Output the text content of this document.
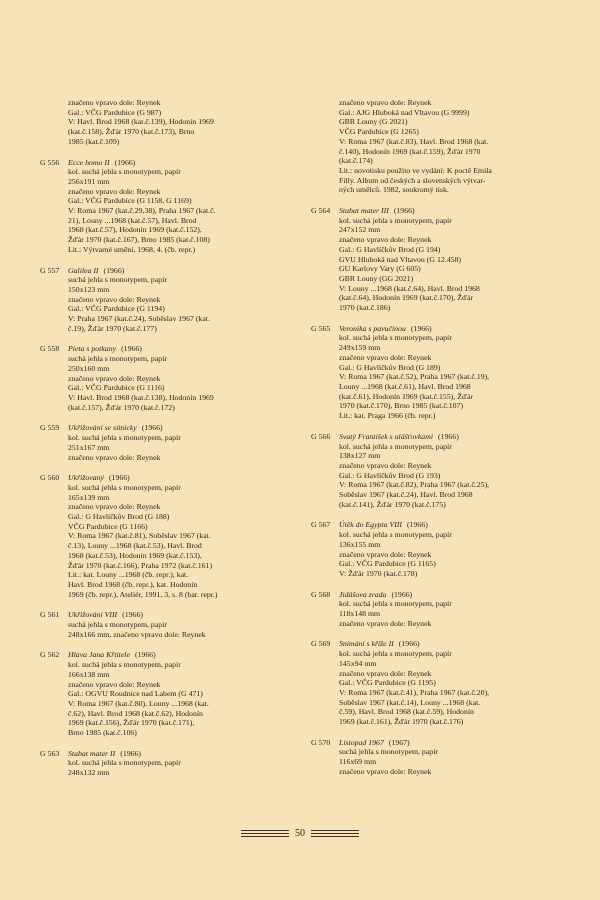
značeno vpravo dole: Reynek
Gal.: VČG Pardubice (G 987)
V: Havl. Brod 1968 (kat.č.139), Hodonín 1969
(kat.č.158), Žďár 1970 (kat.č.173), Brno
1985 (kat.č.109)
G 556	Ecce homo II (1966)
kol. suchá jehla s monotypem, papír
256x191 mm
značeno vpravo dole: Reynek
Gal.: VČG Pardubice (G 1158, G 1169)
V: Roma 1967 (kat.č.29,38), Praha 1967 (kat.č.
21), Louny ...1968 (kat.č.57), Havl. Brod
1968 (kat.č.57), Hodonín 1969 (kat.č.152),
Žďár 1970 (kat.č.167), Brno 1985 (kat.č.108)
Lit.: Výtvarné umění, 1968, 4. (čb. repr.)
G 557	Galilea II (1966)
suchá jehla s monotypem, papír
150x123 mm
značeno vpravo dole: Reynek
Gal.: VČG Pardubice (G 1194)
V: Praha 1967 (kat.č.24), Soběslav 1967 (kat.
č.19), Žďár 1970 (kat.č.177)
G 558	Pieta s potkany (1966)
suchá jehla s monotypem, papír
250x160 mm
značeno vpravo dole: Reynek
Gal.: VČG Pardubice (G 1116)
V: Havl. Brod 1968 (kat.č.138), Hodonín 1969
(kat.č.157), Žďár 1970 (kat.č.172)
G 559	Ukřižování se sítnicky (1966)
kol. suchá jehla s monotypem, papír
251x167 mm
značeno vpravo dole: Reynek
G 560	Ukřižovaný (1966)
kol. suchá jehla s monotypem, papír
165x139 mm
značeno vpravo dole: Reynek
Gal.: G Havlíčkův Brod (G 188)
VČG Pardubice (G 1166)
V: Roma 1967 (kat.č.81), Soběslav 1967 (kat.
č.13), Louny ...1968 (kat.č.53), Havl. Brod
1968 (kat.č.53), Hodonín 1969 (kat.č.153),
Žďár 1970 (kat.č.166), Praha 1972 (kat.č.161)
Lit.: kat. Louny ...1968 (čb. repr.), kat.
Havl. Brod 1968 (čb. repr.), kat. Hodonín
1969 (čb. repr.), Ateliér, 1991, 3, s. 8 (bar. repr.)
G 561	Ukřižování VIII (1966)
suchá jehla s monotypem, papír
248x166 mm, značeno vpravo dole: Reynek
G 562	Hlava Jana Křtitele (1966)
kol. suchá jehla s monotypem, papír
166x138 mm
značeno vpravo dole: Reynek
Gal.: OGVU Roudnice nad Labem (G 471)
V: Roma 1967 (kat.č.80), Louny ...1968 (kat.
č.62), Havl. Brod 1968 (kat.č.62), Hodonín
1969 (kat.č.156), Žďár 1970 (kat.č.171),
Brno 1985 (kat.č.106)
G 563	Stabat mater II (1966)
kol. suchá jehla s monotypem, papír
248x132 mm
značeno vpravo dole: Reynek
Gal.: AJG Hluboká nad Vltavou (G 9999)
GBR Louny (G 2021)
VČG Pardubice (G 1265)
V: Roma 1967 (kat.č.83), Havl. Brod 1968 (kat.
č.140), Hodonín 1969 (kat.č.159), Žďár 1970
(kat.č.174)
Lit.: novotisku použito ve vydání: K poctě Emila
Filly. Album od českých a slovenských výtvar-
ných umělců. 1982, soukromý tisk.
G 564	Stabat mater III (1966)
kol. suchá jehla s monotypem, papír
247x152 mm
značeno vpravo dole: Reynek
Gal.: G Havlíčkův Brod (G 194)
GVU Hluboká nad Vltavou (G 12.458)
GU Karlovy Vary (G 605)
GBR Louny (GG 2021)
V: Louny ...1968 (kat.č.64), Havl. Brod 1968
(kat.č.64), Hodonín 1969 (kat.č.170), Žďár
1970 (kat.č.186)
G 565	Veronika s pavučinou (1966)
kol. suchá jehla s monotypem, papír
249x159 mm
značeno vpravo dole: Reynek
Gal.: G Havlíčkův Brod (G 189)
V: Roma 1967 (kat.č.52), Praha 1967 (kat.č.19),
Louny ...1968 (kat.č.61), Havl. Brod 1968
(kat.č.61), Hodonín 1969 (kat.č.155), Žďár
1970 (kat.č.170), Brno 1985 (kat.č.107)
Lit.: kat. Praga 1966 (čb. repr.)
G 566	Svatý František s ulášťovkami (1966)
kol. suchá jehla s monotypem, papír
138x127 mm
značeno vpravo dole: Reynek
Gal.: G Havlíčkův Brod (G 193)
V: Roma 1967 (kat.č.82), Praha 1967 (kat.č.25),
Soběslav 1967 (kat.č.24), Havl. Brod 1968
(kat.č.141), Žďár 1970 (kat.č.175)
G 567	Útěk do Egypta VIII (1966)
kol. suchá jehla s monotypem, papír
136x155 mm
značeno vpravo dole: Reynek
Gal.: VČG Pardubice (G 1165)
V: Žďár 1970 (kat.č.178)
G 568	Jidášova zrada (1966)
kol. suchá jehla s monotypem, papír
118x148 mm
značeno vpravo dole: Reynek
G 569	Snímání s kříže II (1966)
kol. suchá jehla s monotypem, papír
145x94 mm
značeno vpravo dole: Reynek
Gal.: VČG Pardubice (G 1195)
V: Roma 1967 (kat.č.41), Praha 1967 (kat.č.20),
Soběslav 1967 (kat.č.14), Louny ...1968 (kat.
č.59), Havl. Brod 1968 (kat.č.59), Hodonín
1969 (kat.č.161), Žďár 1970 (kat.č.176)
G 570	Listopad 1967 (1967)
suchá jehla s monotypem, papír
116x69 mm
značeno vpravo dole: Reynek
50
